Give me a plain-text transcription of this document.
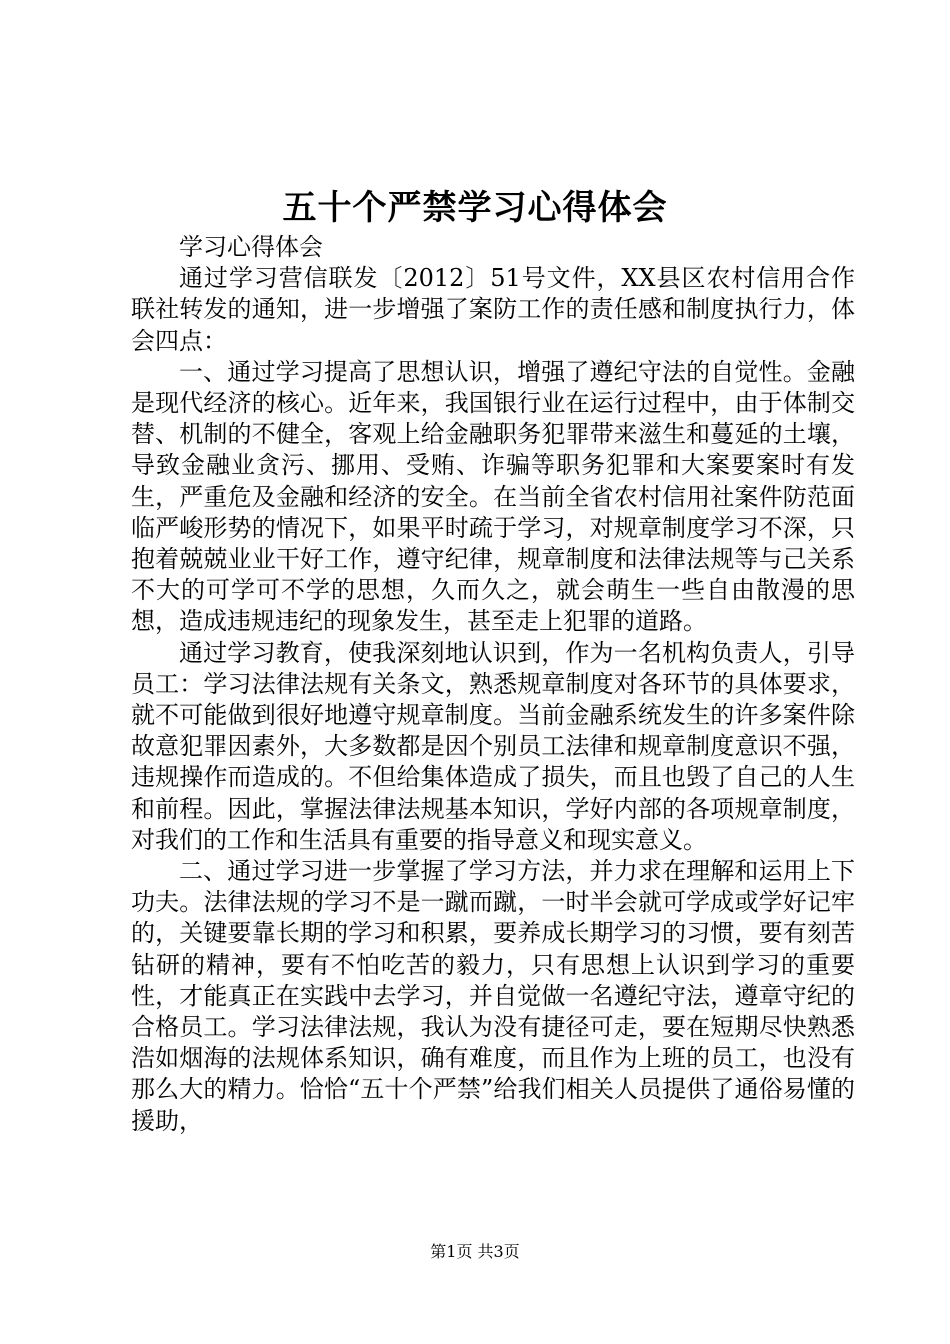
五十个严禁学习心得体会

学习心得体会

通过学习营信联发〔2012〕51号文件，XX县区农村信用合作联社转发的通知，进一步增强了案防工作的责任感和制度执行力，体会四点：

一、通过学习提高了思想认识，增强了遵纪守法的自觉性。金融是现代经济的核心。近年来，我国银行业在运行过程中，由于体制交替、机制的不健全，客观上给金融职务犯罪带来滋生和蔓延的土壤，导致金融业贪污、挪用、受贿、诈骗等职务犯罪和大案要案时有发生，严重危及金融和经济的安全。在当前全省农村信用社案件防范面临严峻形势的情况下，如果平时疏于学习，对规章制度学习不深，只抱着兢兢业业干好工作，遵守纪律，规章制度和法律法规等与己关系不大的可学可不学的思想，久而久之，就会萌生一些自由散漫的思想，造成违规违纪的现象发生，甚至走上犯罪的道路。

通过学习教育，使我深刻地认识到，作为一名机构负责人，引导员工：学习法律法规有关条文，熟悉规章制度对各环节的具体要求，就不可能做到很好地遵守规章制度。当前金融系统发生的许多案件除故意犯罪因素外，大多数都是因个别员工法律和规章制度意识不强，违规操作而造成的。不但给集体造成了损失，而且也毁了自己的人生和前程。因此，掌握法律法规基本知识，学好内部的各项规章制度，对我们的工作和生活具有重要的指导意义和现实意义。

二、通过学习进一步掌握了学习方法，并力求在理解和运用上下功夫。法律法规的学习不是一蹴而蹴，一时半会就可学成或学好记牢的，关键要靠长期的学习和积累，要养成长期学习的习惯，要有刻苦钻研的精神，要有不怕吃苦的毅力，只有思想上认识到学习的重要性，才能真正在实践中去学习，并自觉做一名遵纪守法，遵章守纪的合格员工。学习法律法规，我认为没有捷径可走，要在短期尽快熟悉浩如烟海的法规体系知识，确有难度，而且作为上班的员工，也没有那么大的精力。恰恰“五十个严禁”给我们相关人员提供了通俗易懂的援助，

第1页 共3页
